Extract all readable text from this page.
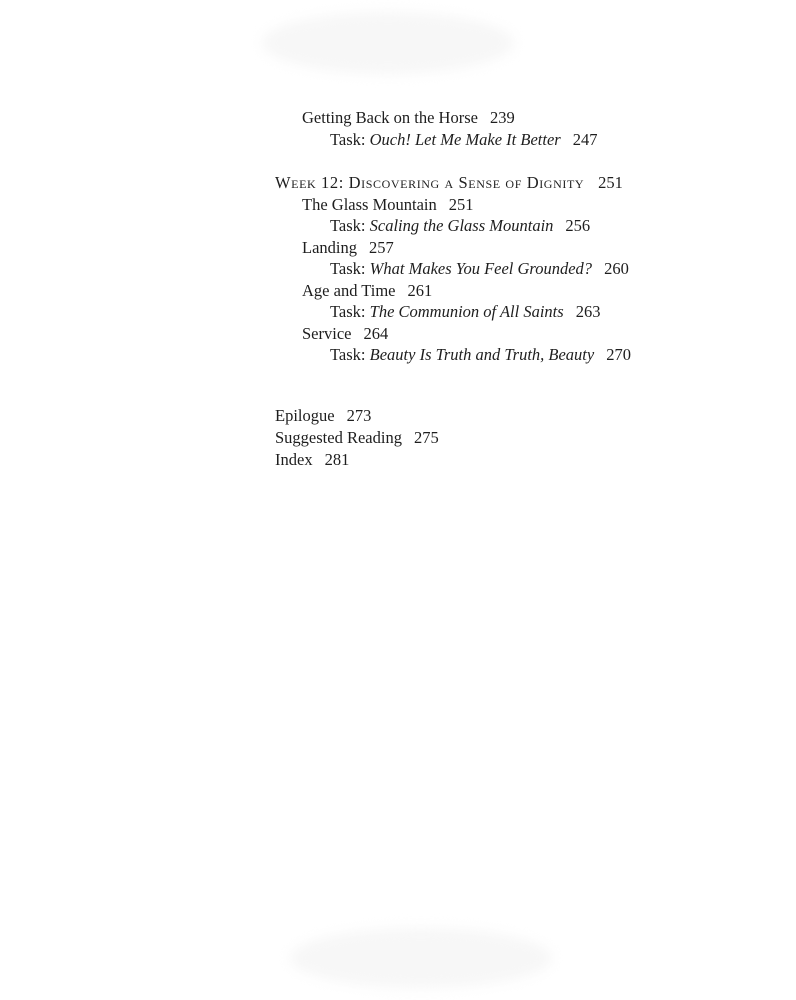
Getting Back on the Horse 239
Task: Ouch! Let Me Make It Better 247
Week 12: Discovering a Sense of Dignity 251
The Glass Mountain 251
Task: Scaling the Glass Mountain 256
Landing 257
Task: What Makes You Feel Grounded? 260
Age and Time 261
Task: The Communion of All Saints 263
Service 264
Task: Beauty Is Truth and Truth, Beauty 270
Epilogue 273
Suggested Reading 275
Index 281
